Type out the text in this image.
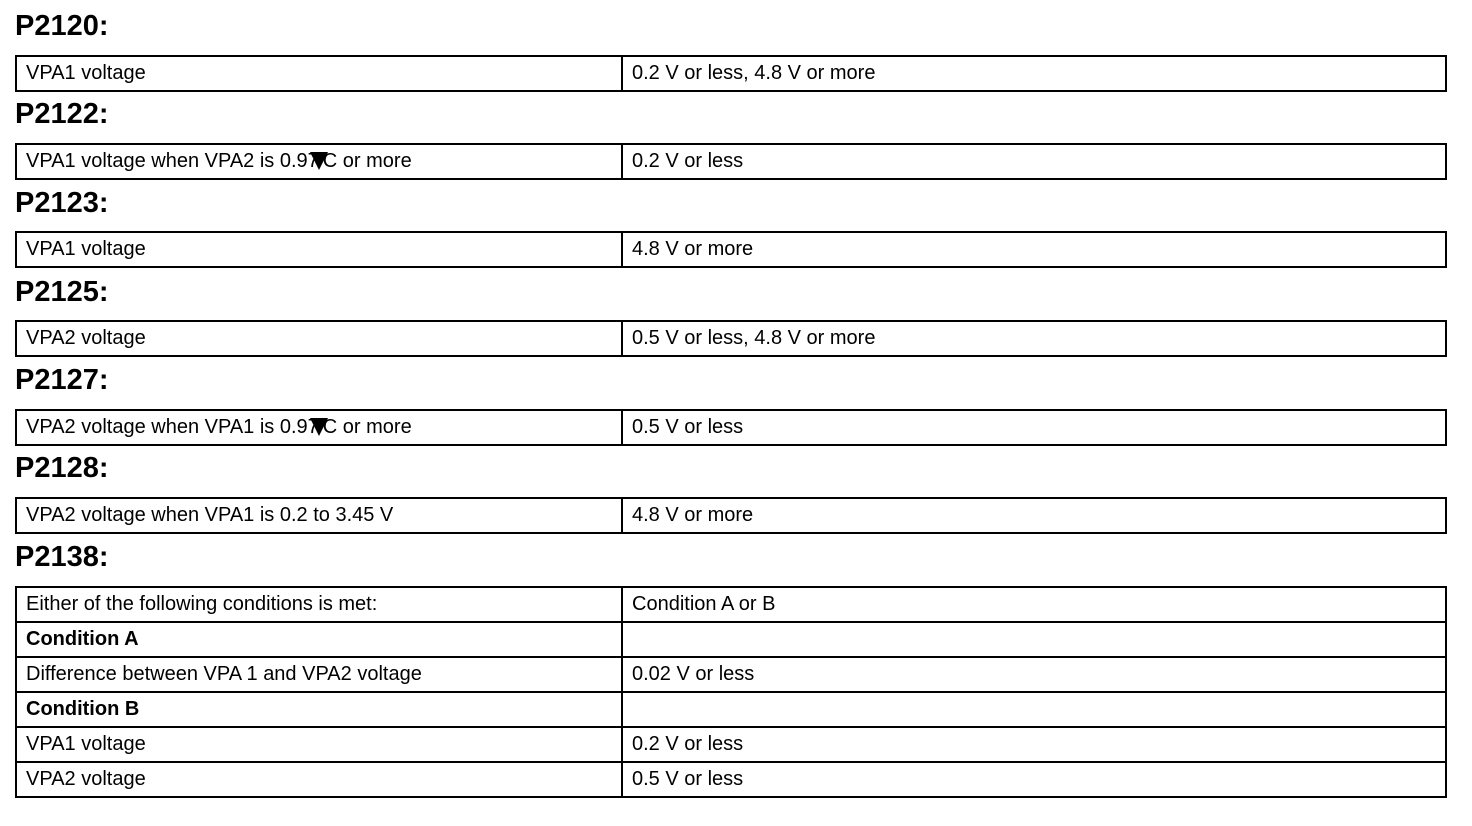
P2120:
VPA1 voltage	0.2 V or less, 4.8 V or more
P2122:
VPA1 voltage when VPA2 is 0.97 C or more	0.2 V or less
P2123:
VPA1 voltage	4.8 V or more
P2125:
VPA2 voltage	0.5 V or less, 4.8 V or more
P2127:
VPA2 voltage when VPA1 is 0.97 C or more	0.5 V or less
P2128:
VPA2 voltage when VPA1 is 0.2 to 3.45 V	4.8 V or more
P2138:
Either of the following conditions is met:	Condition A or B
Condition A	
Difference between VPA 1 and VPA2 voltage	0.02 V or less
Condition B	
VPA1 voltage	0.2 V or less
VPA2 voltage	0.5 V or less
